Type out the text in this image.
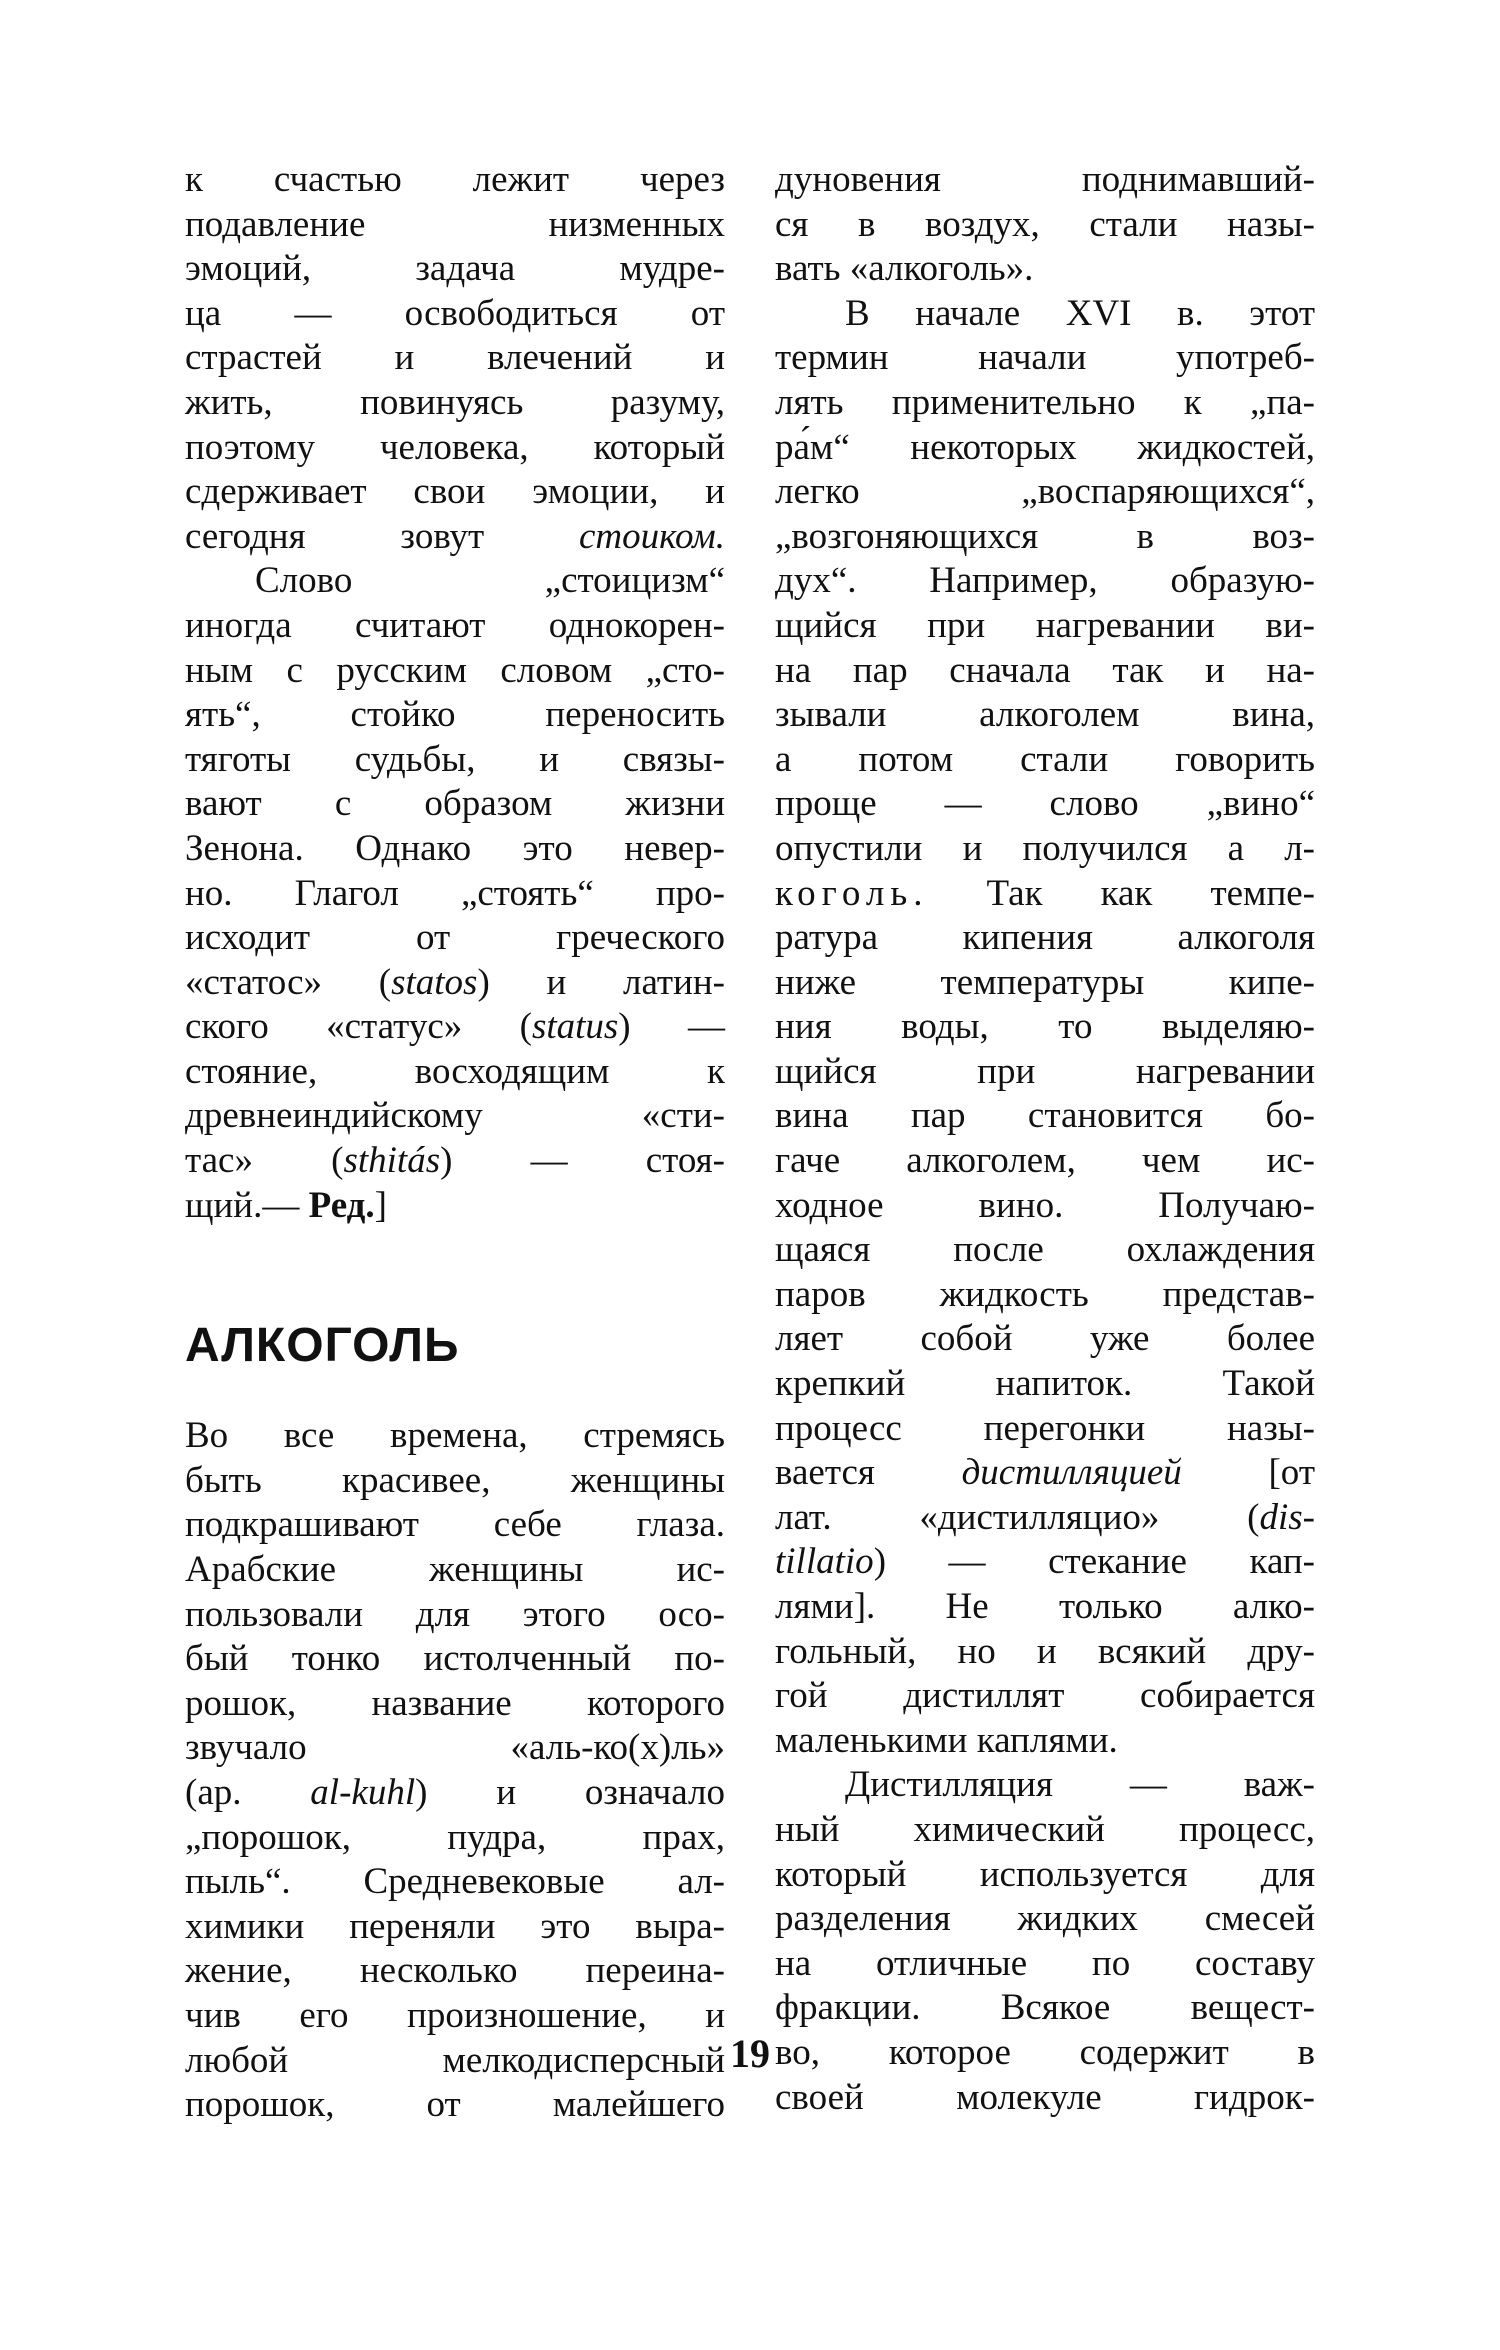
к счастью лежит через
подавление низменных
эмоций, задача мудре-
ца — освободиться от
страстей и влечений и
жить, повинуясь разуму,
поэтому человека, который
сдерживает свои эмоции, и
сегодня зовут стоиком.
Слово „стоицизм“
иногда считают однокорен-
ным с русским словом „сто-
ять“, стойко переносить
тяготы судьбы, и связы-
вают с образом жизни
Зенона. Однако это невер-
но. Глагол „стоять“ про-
исходит от греческого
«статос» (statos) и латин-
ского «статус» (status) —
стояние, восходящим к
древнеиндийскому «сти-
тас» (sthitás) — стоя-
щий.— Ред.]
АЛКОГОЛЬ
Во все времена, стремясь
быть красивее, женщины
подкрашивают себе глаза.
Арабские женщины ис-
пользовали для этого осо-
бый тонко истолченный по-
рошок, название которого
звучало «аль-ко(х)ль»
(ар. al-kuhl) и означало
„порошок, пудра, прах,
пыль“. Средневековые ал-
химики переняли это выра-
жение, несколько переина-
чив его произношение, и
любой мелкодисперсный
порошок, от малейшего
дуновения поднимавший-
ся в воздух, стали назы-
вать «алкоголь».
В начале XVI в. этот
термин начали употреб-
лять применительно к „па-
ра́м“ некоторых жидкостей,
легко „воспаряющихся“,
„возгоняющихся в воз-
дух“. Например, образую-
щийся при нагревании ви-
на пар сначала так и на-
зывали алкоголем вина,
а потом стали говорить
проще — слово „вино“
опустили и получился а л-
коголь. Так как темпе-
ратура кипения алкоголя
ниже температуры кипе-
ния воды, то выделяю-
щийся при нагревании
вина пар становится бо-
гаче алкоголем, чем ис-
ходное вино. Получаю-
щаяся после охлаждения
паров жидкость представ-
ляет собой уже более
крепкий напиток. Такой
процесс перегонки назы-
вается дистилляцией [от
лат. «дистилляцио» (dis-
tillatio) — стекание кап-
лями]. Не только алко-
гольный, но и всякий дру-
гой дистиллят собирается
маленькими каплями.
Дистилляция — важ-
ный химический процесс,
который используется для
разделения жидких смесей
на отличные по составу
фракции. Всякое вещест-
во, которое содержит в
своей молекуле гидрок-
19
